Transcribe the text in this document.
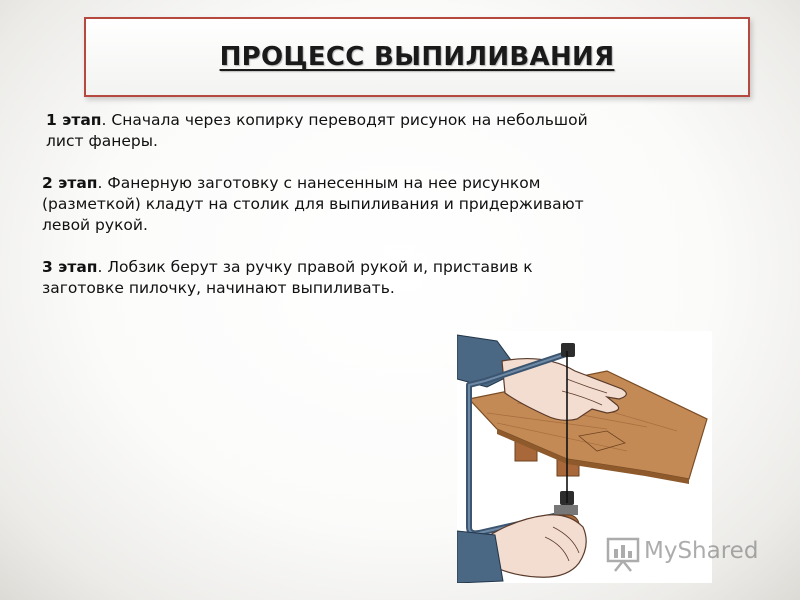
ПРОЦЕСС ВЫПИЛИВАНИЯ

1 этап. Сначала через копирку переводят рисунок на небольшой лист фанеры.

2 этап. Фанерную заготовку с нанесенным на нее рисунком (разметкой) кладут на столик для выпиливания и придерживают левой рукой.

3 этап. Лобзик берут за ручку правой рукой и, приставив к заготовке пилочку, начинают выпиливать.

MyShared
